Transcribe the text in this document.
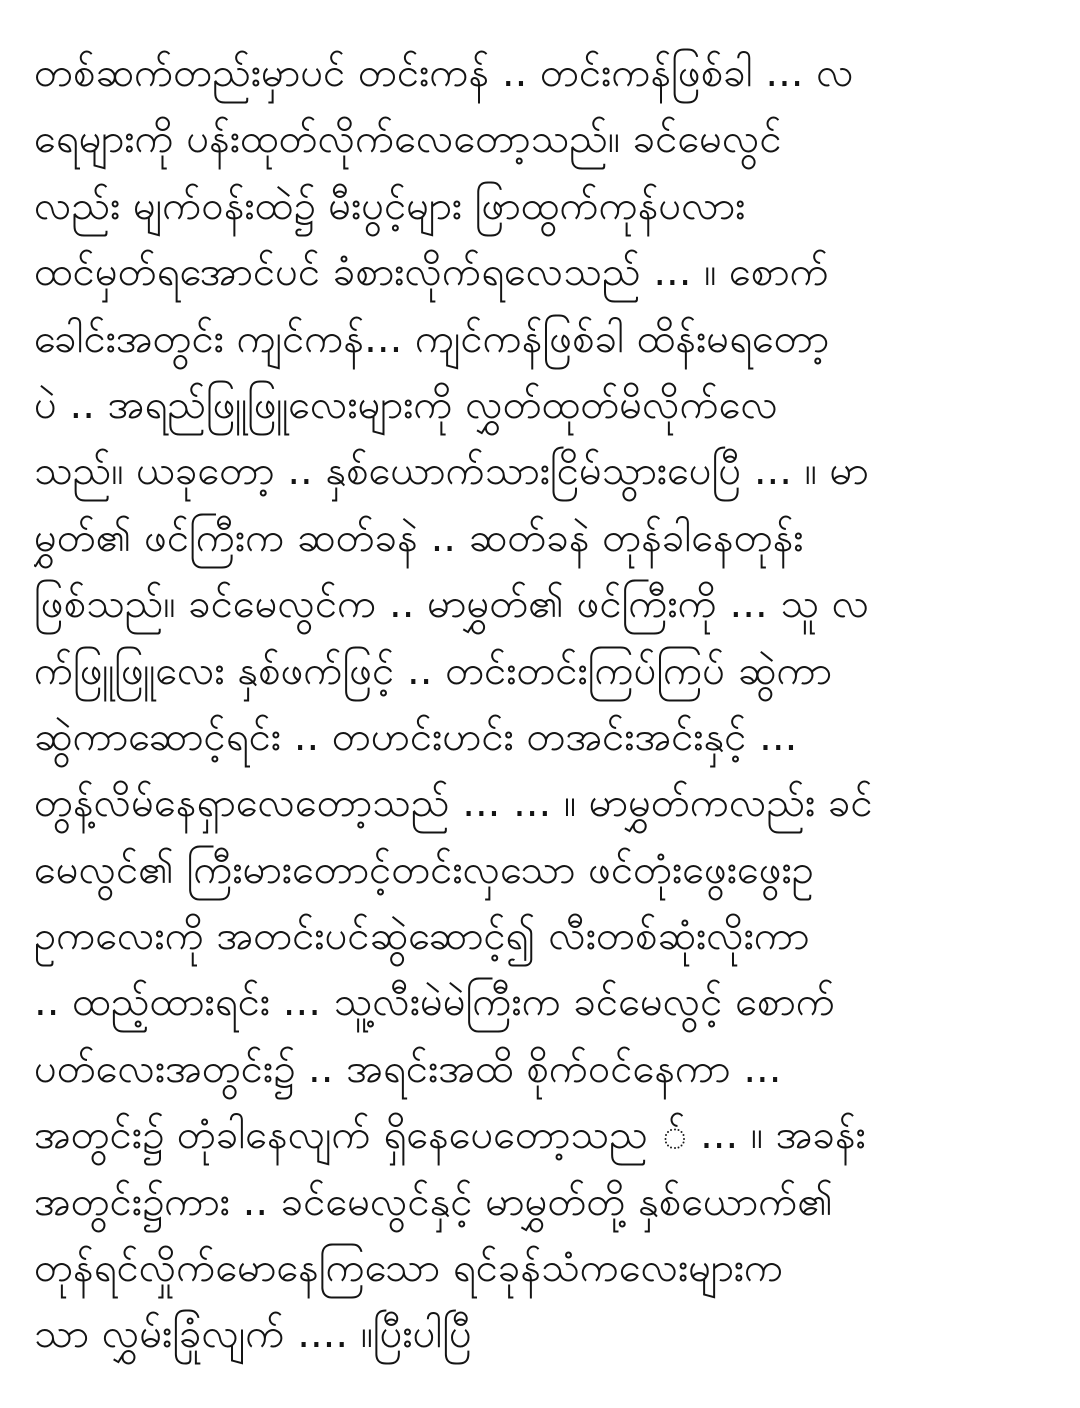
တစ်ဆက်တည်းမှာပင် တင်းကန် .. တင်းကန်ဖြစ်ခါ ... လ
ရေများကို ပန်းထုတ်လိုက်လေတော့သည်။ ခင်မေလွင်
လည်း မျက်ဝန်းထဲ၌ မီးပွင့်များ ဖြာထွက်ကုန်ပလား
ထင်မှတ်ရအောင်ပင် ခံစားလိုက်ရလေသည် ... ။ စောက်
ခေါင်းအတွင်း ကျင်ကန်... ကျင်ကန်ဖြစ်ခါ ထိန်းမရတော့
ပဲ .. အရည်ဖြူဖြူလေးများကို လွှတ်ထုတ်မိလိုက်လေ
သည်။ ယခုတော့ .. နှစ်ယောက်သားငြိမ်သွားပေပြီ ... ။ မာ
မွှတ်၏ ဖင်ကြီးက ဆတ်ခနဲ .. ဆတ်ခနဲ တုန်ခါနေတုန်း
ဖြစ်သည်။ ခင်မေလွင်က .. မာမွှတ်၏ ဖင်ကြီးကို ... သူ လ
က်ဖြူဖြူလေး နှစ်ဖက်ဖြင့် .. တင်းတင်းကြပ်ကြပ် ဆွဲကာ
ဆွဲကာဆောင့်ရင်း .. တဟင်းဟင်း တအင်းအင်းနှင့် ...
တွန့်လိမ်နေရှာလေတော့သည် ... ... ။ မာမွှတ်ကလည်း ခင်
မေလွင်၏ ကြီးမားတောင့်တင်းလှသော ဖင်တုံးဖွေးဖွေးဥ
ဥကလေးကို အတင်းပင်ဆွဲဆောင့်၍ လီးတစ်ဆုံးလိုးကာ
.. ထည့်ထားရင်း ... သူ့လီးမဲမဲကြီးက ခင်မေလွင့် စောက်
ပတ်လေးအတွင်း၌ .. အရင်းအထိ စိုက်ဝင်နေကာ ...
အတွင်း၌ တုံခါနေလျက် ရှိနေပေတော့သည ် ... ။ အခန်း
အတွင်း၌ကား .. ခင်မေလွင်နှင့် မာမွှတ်တို့ နှစ်ယောက်၏
တုန်ရင်လှိုက်မောနေကြသော ရင်ခုန်သံကလေးများက
သာ လွှမ်းခြုံလျက် .... ။ပြီးပါပြီ
